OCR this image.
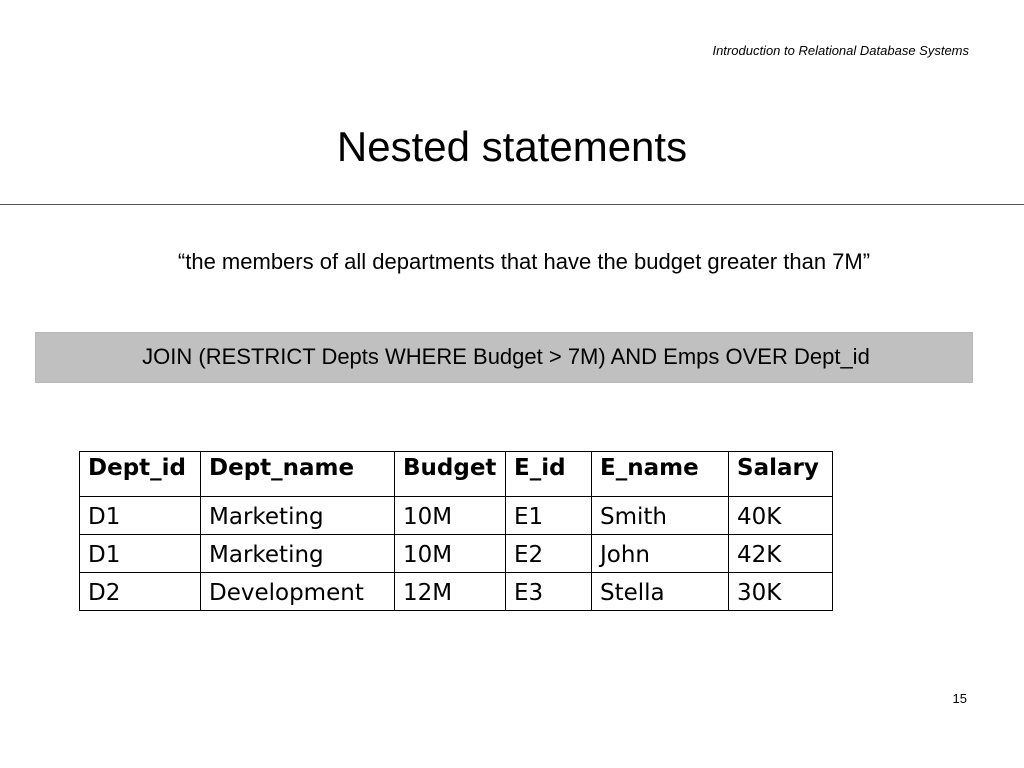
Introduction to Relational Database Systems
Nested statements
“the members of all departments that have the budget greater than 7M”
JOIN (RESTRICT Depts WHERE Budget > 7M) AND Emps OVER Dept_id
Dept_id	Dept_name	Budget	E_id	E_name	Salary
D1	Marketing	10M	E1	Smith	40K
D1	Marketing	10M	E2	John	42K
D2	Development	12M	E3	Stella	30K
15
